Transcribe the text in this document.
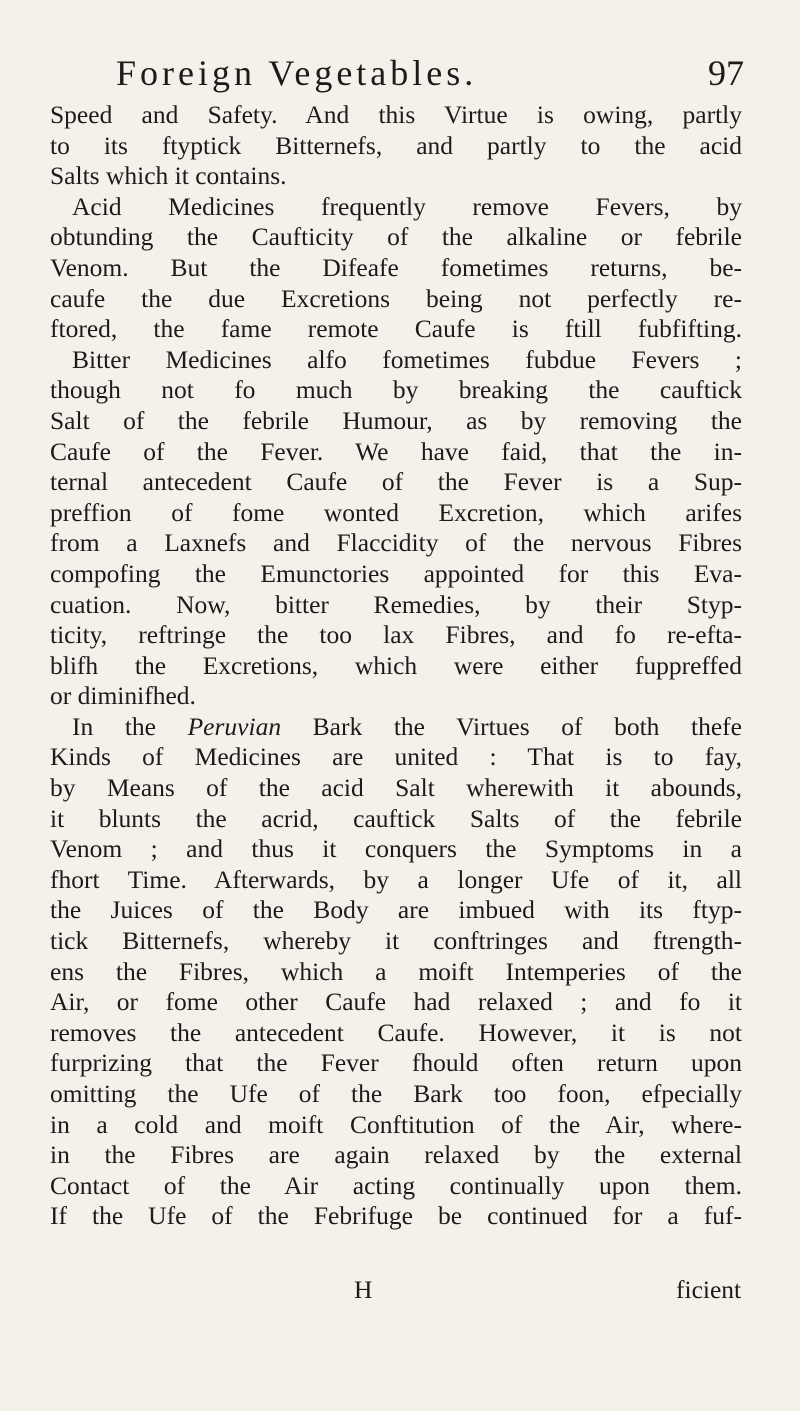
Foreign Vegetables.	97
Speed and Safety. And this Virtue is owing, partly
to its ftyptick Bitternefs, and partly to the acid
Salts which it contains.
Acid Medicines frequently remove Fevers, by
obtunding the Caufticity of the alkaline or febrile
Venom. But the Difeafe fometimes returns, be-
caufe the due Excretions being not perfectly re-
ftored, the fame remote Caufe is ftill fubfifting.
Bitter Medicines alfo fometimes fubdue Fevers ;
though not fo much by breaking the cauftick
Salt of the febrile Humour, as by removing the
Caufe of the Fever. We have faid, that the in-
ternal antecedent Caufe of the Fever is a Sup-
preffion of fome wonted Excretion, which arifes
from a Laxnefs and Flaccidity of the nervous Fibres
compofing the Emunctories appointed for this Eva-
cuation. Now, bitter Remedies, by their Styp-
ticity, reftringe the too lax Fibres, and fo re-efta-
blifh the Excretions, which were either fuppreffed
or diminifhed.
In the Peruvian Bark the Virtues of both thefe
Kinds of Medicines are united : That is to fay,
by Means of the acid Salt wherewith it abounds,
it blunts the acrid, cauftick Salts of the febrile
Venom ; and thus it conquers the Symptoms in a
fhort Time. Afterwards, by a longer Ufe of it, all
the Juices of the Body are imbued with its ftyp-
tick Bitternefs, whereby it conftringes and ftrength-
ens the Fibres, which a moift Intemperies of the
Air, or fome other Caufe had relaxed ; and fo it
removes the antecedent Caufe. However, it is not
furprizing that the Fever fhould often return upon
omitting the Ufe of the Bark too foon, efpecially
in a cold and moift Conftitution of the Air, where-
in the Fibres are again relaxed by the external
Contact of the Air acting continually upon them.
If the Ufe of the Febrifuge be continued for a fuf-
H	ficient
